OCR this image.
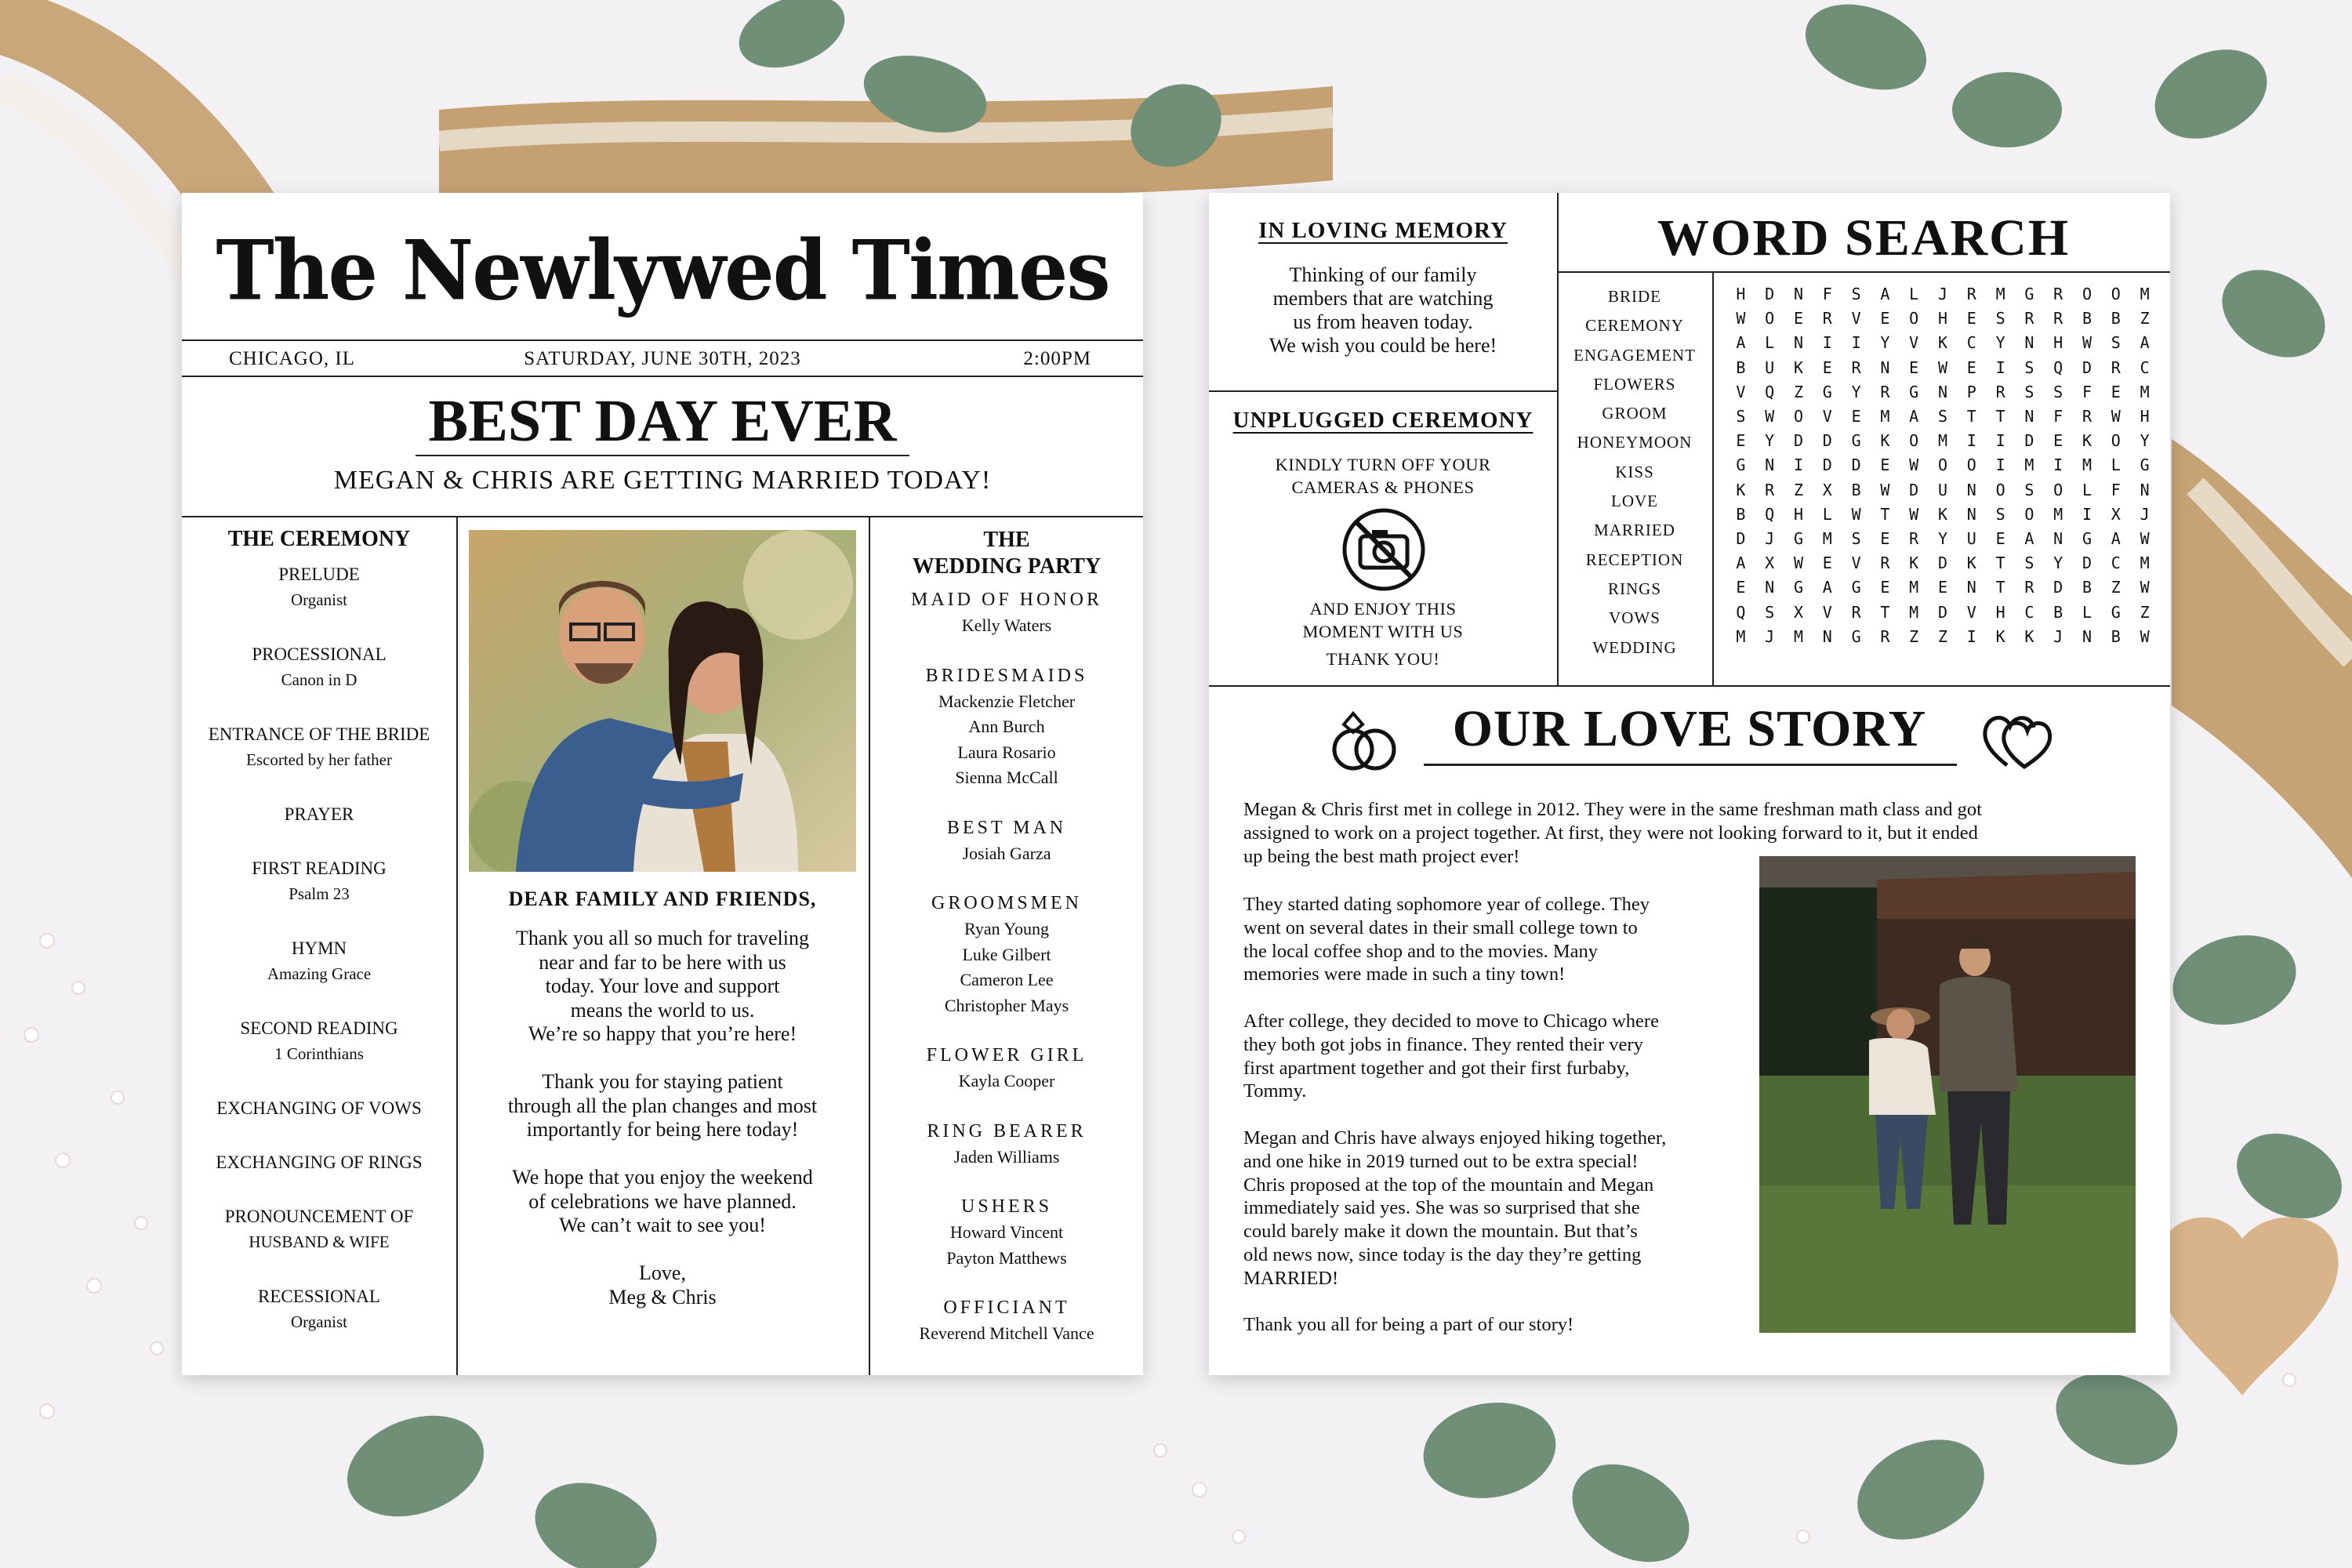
The Newlywed Times
CHICAGO, IL	SATURDAY, JUNE 30TH, 2023	2:00PM
BEST DAY EVER
MEGAN & CHRIS ARE GETTING MARRIED TODAY!
THE CEREMONY
PRELUDE
Organist
PROCESSIONAL
Canon in D
ENTRANCE OF THE BRIDE
Escorted by her father
PRAYER
FIRST READING
Psalm 23
HYMN
Amazing Grace
SECOND READING
1 Corinthians
EXCHANGING OF VOWS
EXCHANGING OF RINGS
PRONOUNCEMENT OF
HUSBAND & WIFE
RECESSIONAL
Organist
DEAR FAMILY AND FRIENDS,
Thank you all so much for traveling
near and far to be here with us
today. Your love and support
means the world to us.
We’re so happy that you’re here!
Thank you for staying patient
through all the plan changes and most
importantly for being here today!
We hope that you enjoy the weekend
of celebrations we have planned.
We can’t wait to see you!
Love,
Meg & Chris
THE
WEDDING PARTY
MAID OF HONOR
Kelly Waters
BRIDESMAIDS
Mackenzie Fletcher
Ann Burch
Laura Rosario
Sienna McCall
BEST MAN
Josiah Garza
GROOMSMEN
Ryan Young
Luke Gilbert
Cameron Lee
Christopher Mays
FLOWER GIRL
Kayla Cooper
RING BEARER
Jaden Williams
USHERS
Howard Vincent
Payton Matthews
OFFICIANT
Reverend Mitchell Vance
IN LOVING MEMORY
Thinking of our family
members that are watching
us from heaven today.
We wish you could be here!
UNPLUGGED CEREMONY
KINDLY TURN OFF YOUR
CAMERAS & PHONES
AND ENJOY THIS
MOMENT WITH US
THANK YOU!
WORD SEARCH
BRIDE
CEREMONY
ENGAGEMENT
FLOWERS
GROOM
HONEYMOON
KISS
LOVE
MARRIED
RECEPTION
RINGS
VOWS
WEDDING
H	D	N	F	S	A	L	J	R	M	G	R	O	O	M
W	O	E	R	V	E	O	H	E	S	R	R	B	B	Z
A	L	N	I	I	Y	V	K	C	Y	N	H	W	S	A
B	U	K	E	R	N	E	W	E	I	S	Q	D	R	C
V	Q	Z	G	Y	R	G	N	P	R	S	S	F	E	M
S	W	O	V	E	M	A	S	T	T	N	F	R	W	H
E	Y	D	D	G	K	O	M	I	I	D	E	K	O	Y
G	N	I	D	D	E	W	O	O	I	M	I	M	L	G
K	R	Z	X	B	W	D	U	N	O	S	O	L	F	N
B	Q	H	L	W	T	W	K	N	S	O	M	I	X	J
D	J	G	M	S	E	R	Y	U	E	A	N	G	A	W
A	X	W	E	V	R	K	D	K	T	S	Y	D	C	M
E	N	G	A	G	E	M	E	N	T	R	D	B	Z	W
Q	S	X	V	R	T	M	D	V	H	C	B	L	G	Z
M	J	M	N	G	R	Z	Z	I	K	K	J	N	B	W
OUR LOVE STORY
Megan & Chris first met in college in 2012. They were in the same freshman math class and got
assigned to work on a project together. At first, they were not looking forward to it, but it ended
up being the best math project ever!

They started dating sophomore year of college. They
went on several dates in their small college town to
the local coffee shop and to the movies. Many
memories were made in such a tiny town!

After college, they decided to move to Chicago where
they both got jobs in finance. They rented their very
first apartment together and got their first furbaby,
Tommy.

Megan and Chris have always enjoyed hiking together,
and one hike in 2019 turned out to be extra special!
Chris proposed at the top of the mountain and Megan
immediately said yes. She was so surprised that she
could barely make it down the mountain. But that’s
old news now, since today is the day they’re getting
MARRIED!

Thank you all for being a part of our story!
